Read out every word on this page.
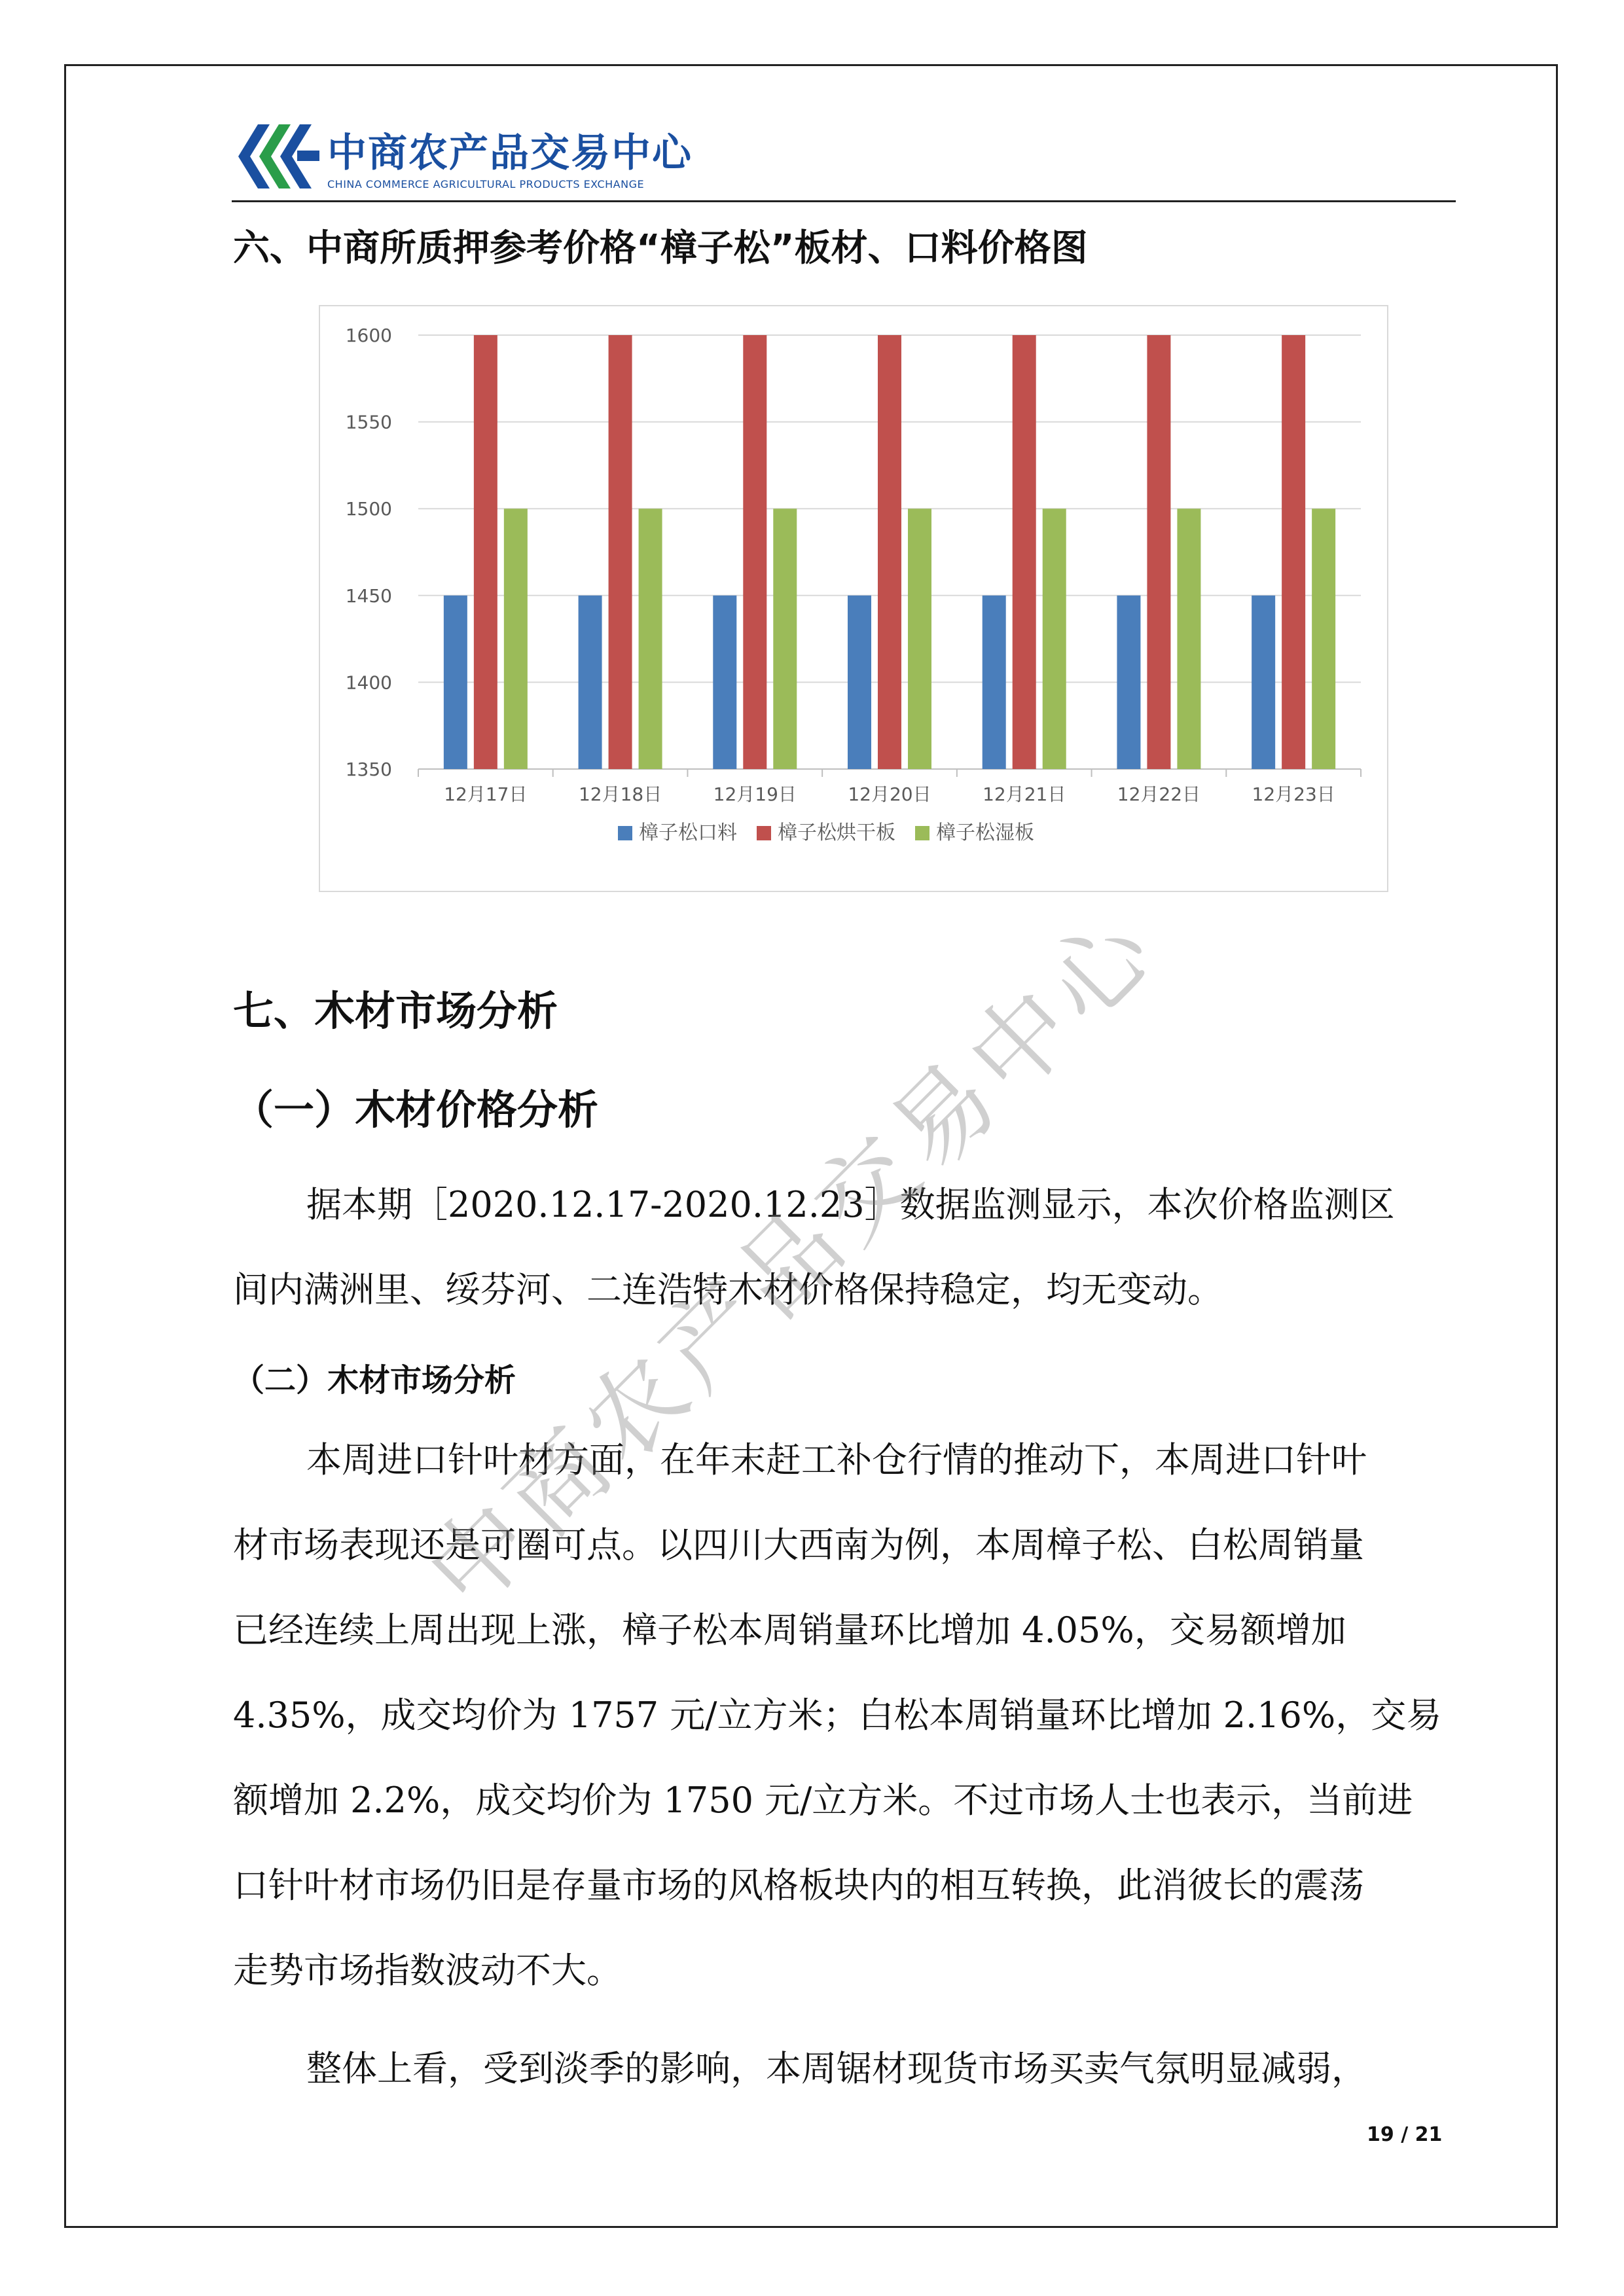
中商农产品交易中心
CHINA COMMERCE AGRICULTURAL PRODUCTS EXCHANGE
六、中商所质押参考价格“樟子松”板材、口料价格图
1350
1400
1450
1500
1550
1600
12月17日	12月18日	12月19日	12月20日	12月21日	12月22日	12月23日
樟子松口料 樟子松烘干板 樟子松湿板
七、木材市场分析
（一）木材价格分析
据本期［2020.12.17-2020.12.23］数据监测显示，本次价格监测区
间内满洲里、绥芬河、二连浩特木材价格保持稳定，均无变动。
（二）木材市场分析
本周进口针叶材方面，在年末赶工补仓行情的推动下，本周进口针叶
材市场表现还是可圈可点。以四川大西南为例，本周樟子松、白松周销量
已经连续上周出现上涨，樟子松本周销量环比增加 4.05%，交易额增加
4.35%，成交均价为 1757 元/立方米；白松本周销量环比增加 2.16%，交易
额增加 2.2%，成交均价为 1750 元/立方米。不过市场人士也表示，当前进
口针叶材市场仍旧是存量市场的风格板块内的相互转换，此消彼长的震荡
走势市场指数波动不大。
整体上看，受到淡季的影响，本周锯材现货市场买卖气氛明显减弱，
中
商
农
产
品
交
易
中
心
19 / 21
